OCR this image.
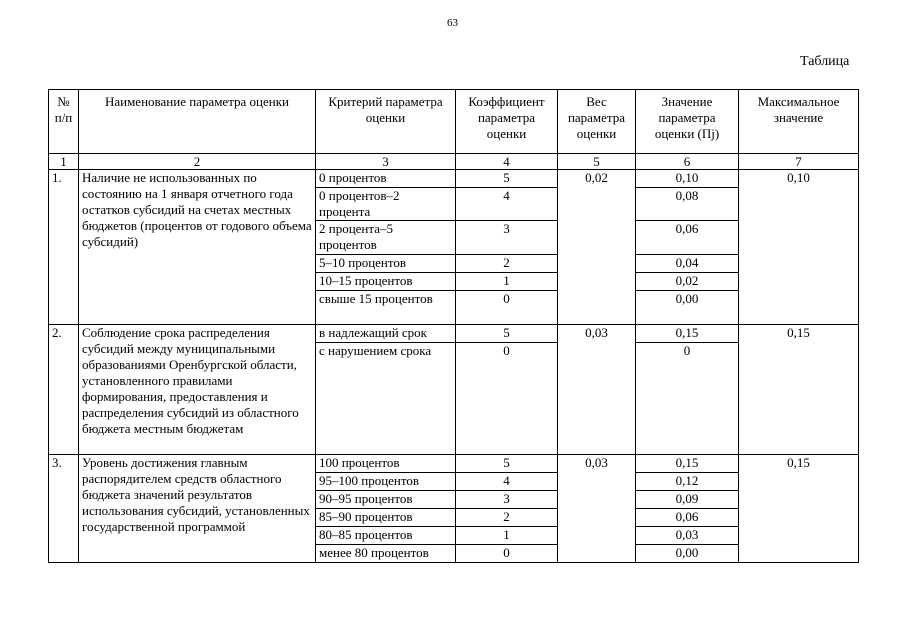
63
Таблица
№ п/п	Наименование параметра оценки	Критерий параметра оценки	Коэффициент параметра оценки	Вес параметра оценки	Значение параметра оценки (Пj)	Максимальное значение
1	2	3	4	5	6	7
1.	Наличие не использованных по состоянию на 1 января отчетного года остатков субсидий на счетах местных бюджетов (процентов от годового объема субсидий)	0 процентов	5	0,02	0,10	0,10
		0 процентов–2 процента	4		0,08	
		2 процента–5 процентов	3		0,06	
		5–10 процентов	2		0,04	
		10–15 процентов	1		0,02	
		свыше 15 процентов	0		0,00	
2.	Соблюдение срока распределения субсидий между муниципальными образованиями Оренбургской области, установленного правилами формирования, предоставления и распределения субсидий из областного бюджета местным бюджетам	в надлежащий срок	5	0,03	0,15	0,15
		с нарушением срока	0		0	
3.	Уровень достижения главным распорядителем средств областного бюджета значений результатов использования субсидий, установленных государственной программой	100 процентов	5	0,03	0,15	0,15
		95–100 процентов	4		0,12	
		90–95 процентов	3		0,09	
		85–90 процентов	2		0,06	
		80–85 процентов	1		0,03	
		менее 80 процентов	0		0,00	
